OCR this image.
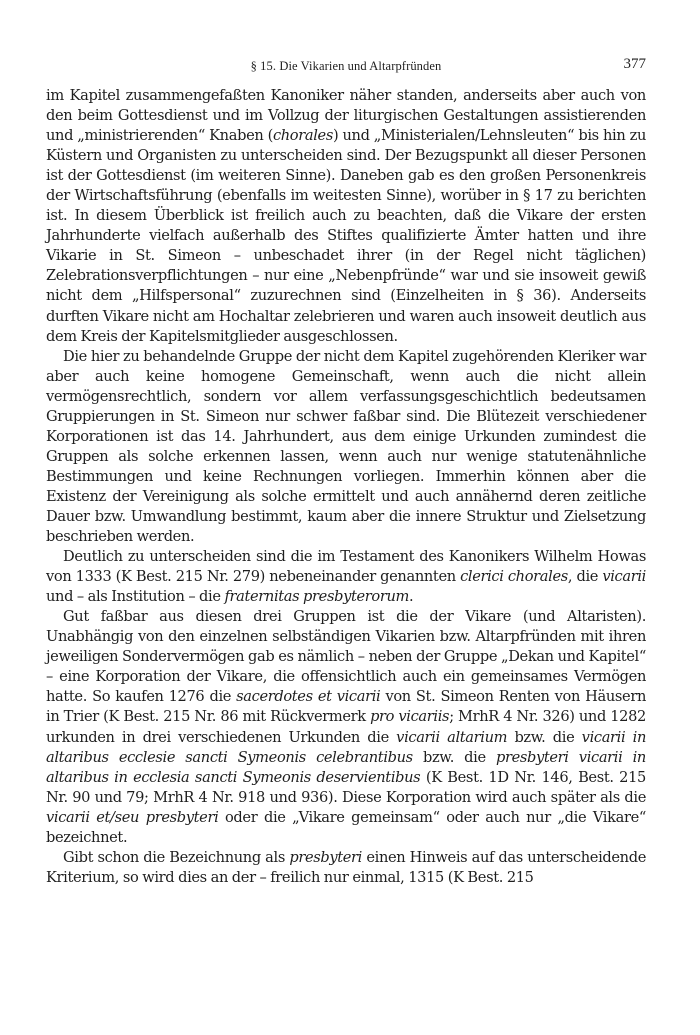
§ 15. Die Vikarien und Altarpfründen	377

im Kapitel zusammengefaßten Kanoniker näher standen, anderseits aber auch von den beim Gottesdienst und im Vollzug der liturgischen Gestaltungen assistierenden und „ministrierenden“ Knaben (chorales) und „Ministerialen/Lehnsleuten“ bis hin zu Küstern und Organisten zu unterscheiden sind. Der Bezugspunkt all dieser Personen ist der Gottesdienst (im weiteren Sinne). Daneben gab es den großen Personenkreis der Wirtschaftsführung (ebenfalls im weitesten Sinne), worüber in § 17 zu berichten ist. In diesem Überblick ist freilich auch zu beachten, daß die Vikare der ersten Jahrhunderte vielfach außerhalb des Stiftes qualifizierte Ämter hatten und ihre Vikarie in St. Simeon – unbeschadet ihrer (in der Regel nicht täglichen) Zelebrationsverpflichtungen – nur eine „Nebenpfründe“ war und sie insoweit gewiß nicht dem „Hilfspersonal“ zuzurechnen sind (Einzelheiten in § 36). Anderseits durften Vikare nicht am Hochaltar zelebrieren und waren auch insoweit deutlich aus dem Kreis der Kapitelsmitglieder ausgeschlossen.

Die hier zu behandelnde Gruppe der nicht dem Kapitel zugehörenden Kleriker war aber auch keine homogene Gemeinschaft, wenn auch die nicht allein vermögensrechtlich, sondern vor allem verfassungsgeschichtlich bedeutsamen Gruppierungen in St. Simeon nur schwer faßbar sind. Die Blütezeit verschiedener Korporationen ist das 14. Jahrhundert, aus dem einige Urkunden zumindest die Gruppen als solche erkennen lassen, wenn auch nur wenige statutenähnliche Bestimmungen und keine Rechnungen vorliegen. Immerhin können aber die Existenz der Vereinigung als solche ermittelt und auch annähernd deren zeitliche Dauer bzw. Umwandlung bestimmt, kaum aber die innere Struktur und Zielsetzung beschrieben werden.

Deutlich zu unterscheiden sind die im Testament des Kanonikers Wilhelm Howas von 1333 (K Best. 215 Nr. 279) nebeneinander genannten clerici chorales, die vicarii und – als Institution – die fraternitas presbyterorum.

Gut faßbar aus diesen drei Gruppen ist die der Vikare (und Altaristen). Unabhängig von den einzelnen selbständigen Vikarien bzw. Altarpfründen mit ihren jeweiligen Sondervermögen gab es nämlich – neben der Gruppe „Dekan und Kapitel“ – eine Korporation der Vikare, die offensichtlich auch ein gemeinsames Vermögen hatte. So kaufen 1276 die sacerdotes et vicarii von St. Simeon Renten von Häusern in Trier (K Best. 215 Nr. 86 mit Rückvermerk pro vicariis; MrhR 4 Nr. 326) und 1282 urkunden in drei verschiedenen Urkunden die vicarii altarium bzw. die vicarii in altaribus ecclesie sancti Symeonis celebrantibus bzw. die presbyteri vicarii in altaribus in ecclesia sancti Symeonis deservientibus (K Best. 1D Nr. 146, Best. 215 Nr. 90 und 79; MrhR 4 Nr. 918 und 936). Diese Korporation wird auch später als die vicarii et/seu presbyteri oder die „Vikare gemeinsam“ oder auch nur „die Vikare“ bezeichnet.

Gibt schon die Bezeichnung als presbyteri einen Hinweis auf das unterscheidende Kriterium, so wird dies an der – freilich nur einmal, 1315 (K Best. 215
